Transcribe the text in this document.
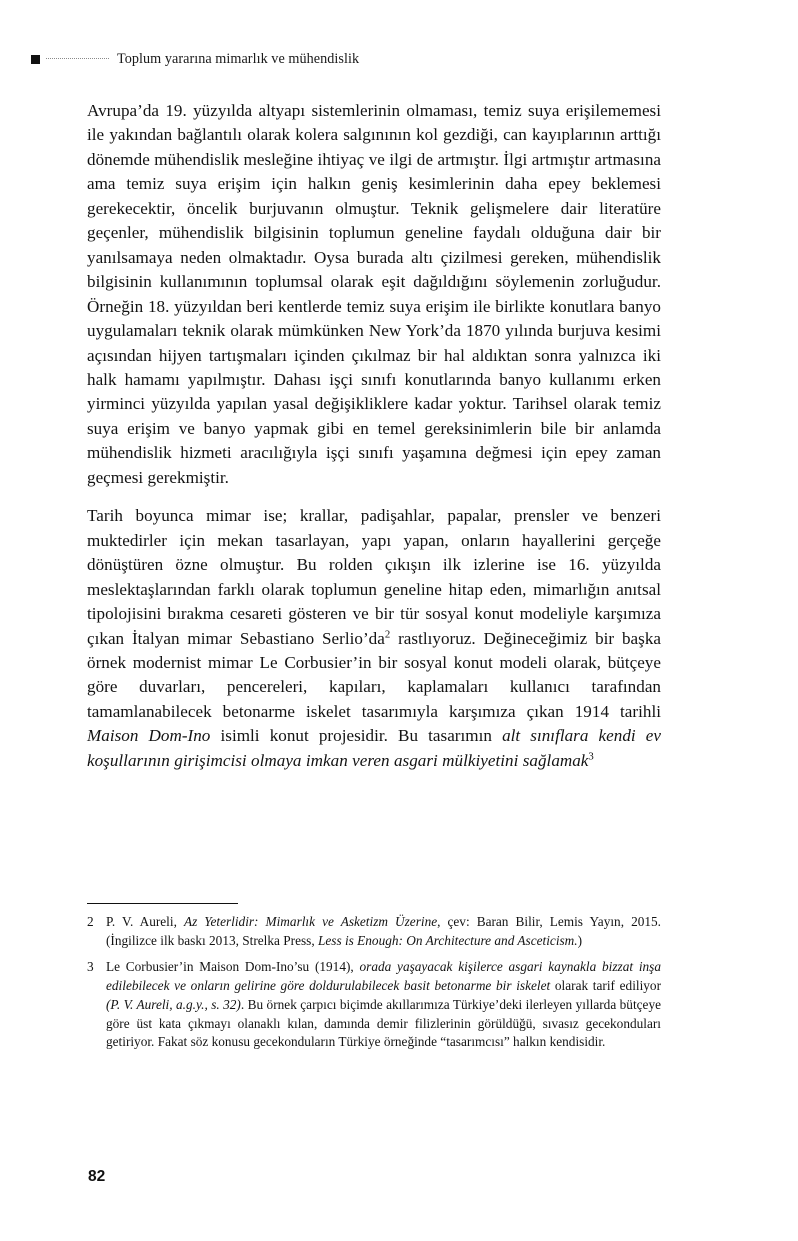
Toplum yararına mimarlık ve mühendislik

Avrupa’da 19. yüzyılda altyapı sistemlerinin olmaması, temiz suya erişilememesi ile yakından bağlantılı olarak kolera salgınının kol gezdiği, can kayıplarının arttığı dönemde mühendislik mesleğine ihtiyaç ve ilgi de artmıştır. İlgi artmıştır artmasına ama temiz suya erişim için halkın geniş kesimlerinin daha epey beklemesi gerekecektir, öncelik burjuvanın olmuştur. Teknik gelişmelere dair literatüre geçenler, mühendislik bilgisinin toplumun geneline faydalı olduğuna dair bir yanılsamaya neden olmaktadır. Oysa burada altı çizilmesi gereken, mühendislik bilgisinin kullanımının toplumsal olarak eşit dağıldığını söylemenin zorluğudur. Örneğin 18. yüzyıldan beri kentlerde temiz suya erişim ile birlikte konutlara banyo uygulamaları teknik olarak mümkünken New York’da 1870 yılında burjuva kesimi açısından hijyen tartışmaları içinden çıkılmaz bir hal aldıktan sonra yalnızca iki halk hamamı yapılmıştır. Dahası işçi sınıfı konutlarında banyo kullanımı erken yirminci yüzyılda yapılan yasal değişikliklere kadar yoktur. Tarihsel olarak temiz suya erişim ve banyo yapmak gibi en temel gereksinimlerin bile bir anlamda mühendislik hizmeti aracılığıyla işçi sınıfı yaşamına değmesi için epey zaman geçmesi gerekmiştir.

Tarih boyunca mimar ise; krallar, padişahlar, papalar, prensler ve benzeri muktedirler için mekan tasarlayan, yapı yapan, onların hayallerini gerçeğe dönüştüren özne olmuştur. Bu rolden çıkışın ilk izlerine ise 16. yüzyılda meslektaşlarından farklı olarak toplumun geneline hitap eden, mimarlığın anıtsal tipolojisini bırakma cesareti gösteren ve bir tür sosyal konut modeliyle karşımıza çıkan İtalyan mimar Sebastiano Serlio’da$^2$ rastlıyoruz. Değineceğimiz bir başka örnek modernist mimar Le Corbusier’in bir sosyal konut modeli olarak, bütçeye göre duvarları, pencereleri, kapıları, kaplamaları kullanıcı tarafından tamamlanabilecek betonarme iskelet tasarımıyla karşımıza çıkan 1914 tarihli Maison Dom-Ino isimli konut projesidir. Bu tasarımın alt sınıflara kendi ev koşullarının girişimcisi olmaya imkan veren asgari mülkiyetini sağlamak$^3$

2 P. V. Aureli, Az Yeterlidir: Mimarlık ve Asketizm Üzerine, çev: Baran Bilir, Lemis Yayın, 2015. (İngilizce ilk baskı 2013, Strelka Press, Less is Enough: On Architecture and Asceticism.)
3 Le Corbusier’in Maison Dom-Ino’su (1914), orada yaşayacak kişilerce asgari kaynakla bizzat inşa edilebilecek ve onların gelirine göre doldurulabilecek basit betonarme bir iskelet olarak tarif ediliyor (P. V. Aureli, a.g.y., s. 32). Bu örnek çarpıcı biçimde akıllarımıza Türkiye’deki ilerleyen yıllarda bütçeye göre üst kata çıkmayı olanaklı kılan, damında demir filizlerinin görüldüğü, sıvasız gecekonduları getiriyor. Fakat söz konusu gecekonduların Türkiye örneğinde “tasarımcısı” halkın kendisidir.
82
